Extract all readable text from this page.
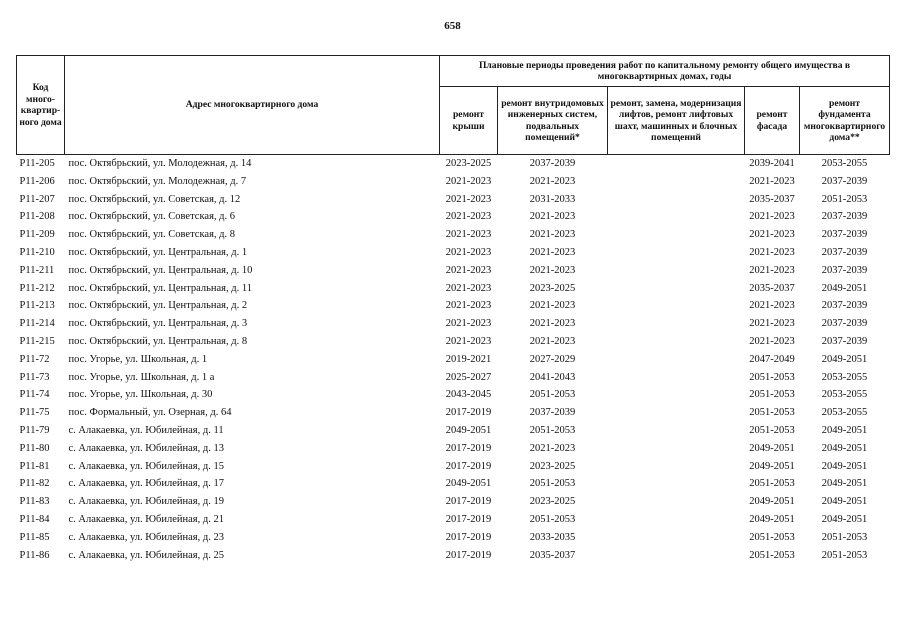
658
Код много-квартир-ного дома	Адрес многоквартирного дома	Плановые периоды проведения работ по капитальному ремонту общего имущества в многоквартирных домах, годы				
		ремонт крыши	ремонт внутридомовых инженерных систем, подвальных помещений*	ремонт, замена, модернизация лифтов, ремонт лифтовых шахт, машинных и блочных помещений	ремонт фасада	ремонт фундамента многоквартирного дома**
Р11-205	пос. Октябрьский, ул. Молодежная, д. 14	2023-2025	2037-2039		2039-2041	2053-2055
Р11-206	пос. Октябрьский, ул. Молодежная, д. 7	2021-2023	2021-2023		2021-2023	2037-2039
Р11-207	пос. Октябрьский, ул. Советская, д. 12	2021-2023	2031-2033		2035-2037	2051-2053
Р11-208	пос. Октябрьский, ул. Советская, д. 6	2021-2023	2021-2023		2021-2023	2037-2039
Р11-209	пос. Октябрьский, ул. Советская, д. 8	2021-2023	2021-2023		2021-2023	2037-2039
Р11-210	пос. Октябрьский, ул. Центральная, д. 1	2021-2023	2021-2023		2021-2023	2037-2039
Р11-211	пос. Октябрьский, ул. Центральная, д. 10	2021-2023	2021-2023		2021-2023	2037-2039
Р11-212	пос. Октябрьский, ул. Центральная, д. 11	2021-2023	2023-2025		2035-2037	2049-2051
Р11-213	пос. Октябрьский, ул. Центральная, д. 2	2021-2023	2021-2023		2021-2023	2037-2039
Р11-214	пос. Октябрьский, ул. Центральная, д. 3	2021-2023	2021-2023		2021-2023	2037-2039
Р11-215	пос. Октябрьский, ул. Центральная, д. 8	2021-2023	2021-2023		2021-2023	2037-2039
Р11-72	пос. Угорье, ул. Школьная, д. 1	2019-2021	2027-2029		2047-2049	2049-2051
Р11-73	пос. Угорье, ул. Школьная, д. 1 а	2025-2027	2041-2043		2051-2053	2053-2055
Р11-74	пос. Угорье, ул. Школьная, д. 30	2043-2045	2051-2053		2051-2053	2053-2055
Р11-75	пос. Формальный, ул. Озерная, д. 64	2017-2019	2037-2039		2051-2053	2053-2055
Р11-79	с. Алакаевка, ул. Юбилейная, д. 11	2049-2051	2051-2053		2051-2053	2049-2051
Р11-80	с. Алакаевка, ул. Юбилейная, д. 13	2017-2019	2021-2023		2049-2051	2049-2051
Р11-81	с. Алакаевка, ул. Юбилейная, д. 15	2017-2019	2023-2025		2049-2051	2049-2051
Р11-82	с. Алакаевка, ул. Юбилейная, д. 17	2049-2051	2051-2053		2051-2053	2049-2051
Р11-83	с. Алакаевка, ул. Юбилейная, д. 19	2017-2019	2023-2025		2049-2051	2049-2051
Р11-84	с. Алакаевка, ул. Юбилейная, д. 21	2017-2019	2051-2053		2049-2051	2049-2051
Р11-85	с. Алакаевка, ул. Юбилейная, д. 23	2017-2019	2033-2035		2051-2053	2051-2053
Р11-86	с. Алакаевка, ул. Юбилейная, д. 25	2017-2019	2035-2037		2051-2053	2051-2053
